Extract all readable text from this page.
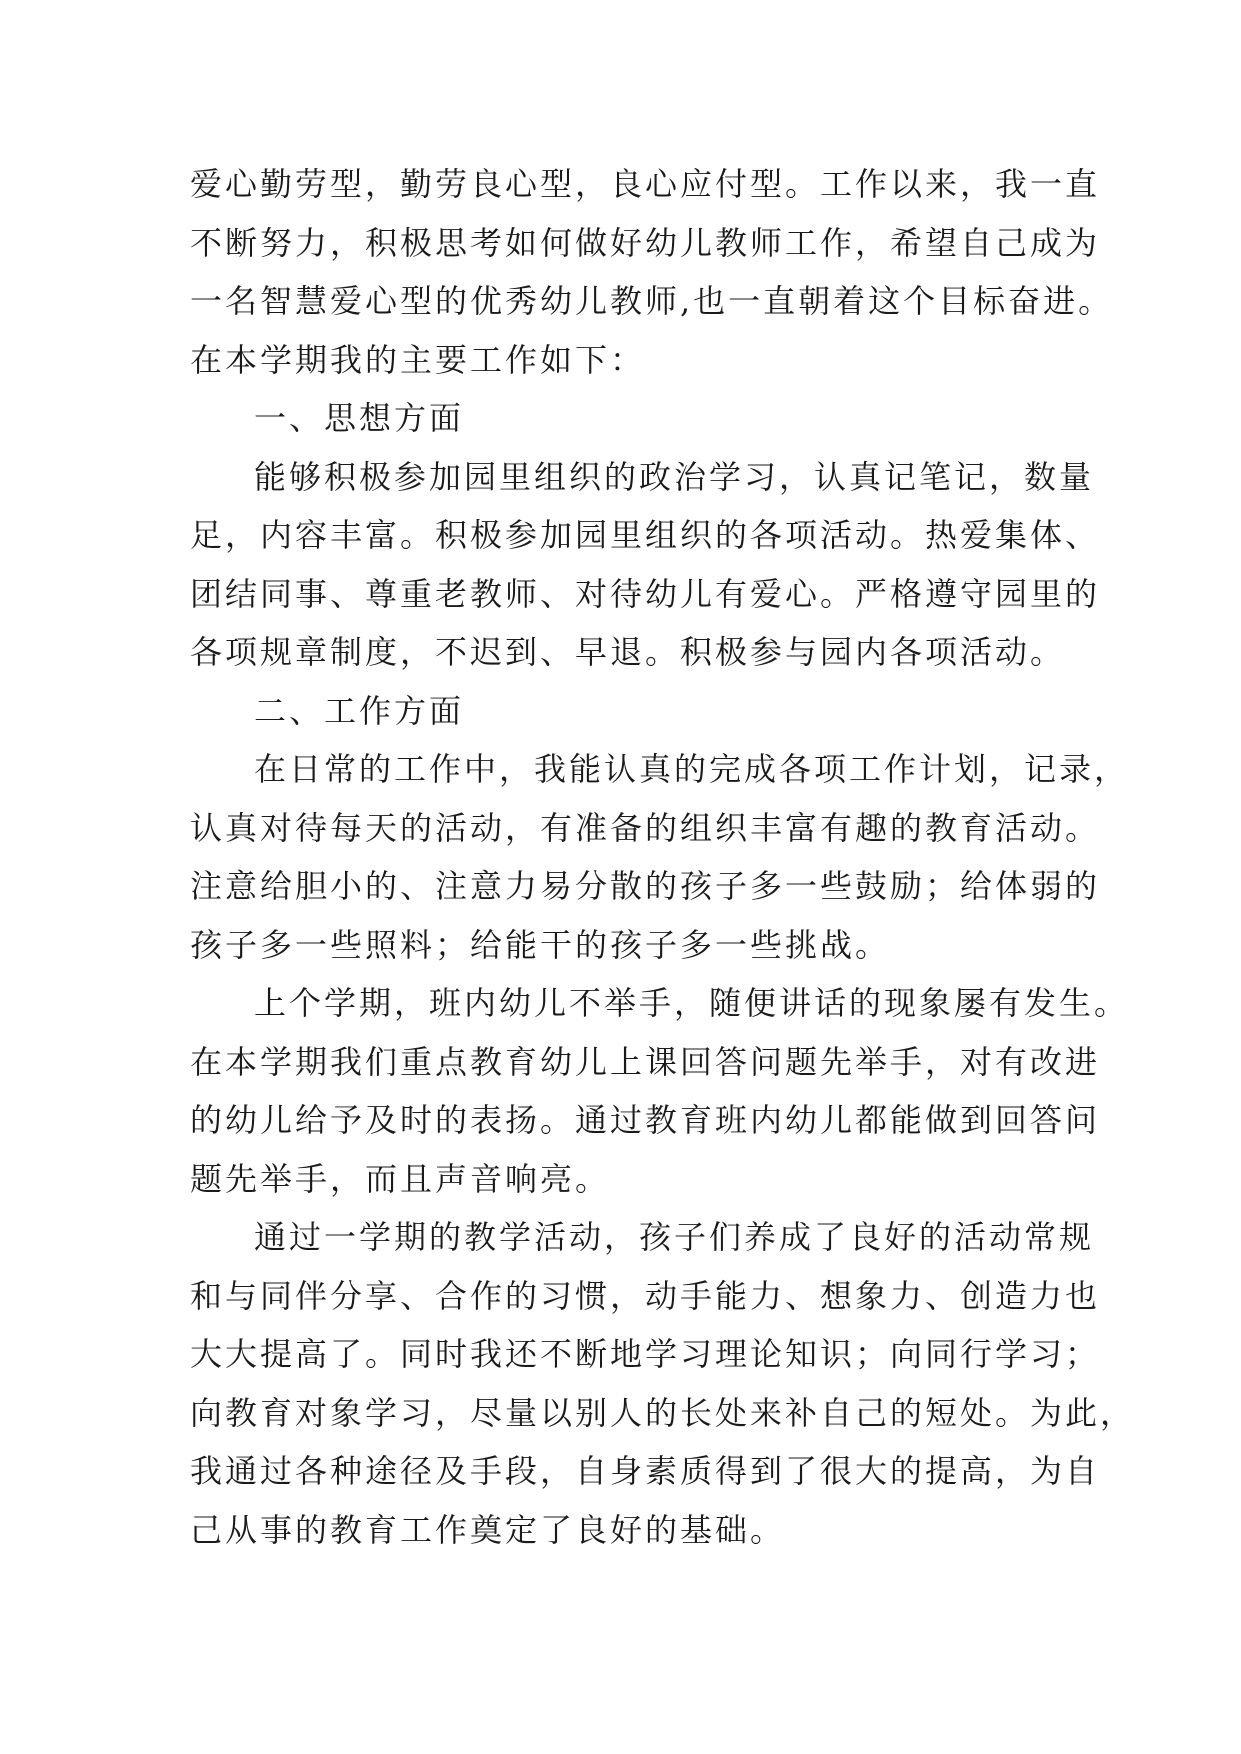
爱心勤劳型，勤劳良心型，良心应付型。工作以来，我一直
不断努力，积极思考如何做好幼儿教师工作，希望自己成为
一名智慧爱心型的优秀幼儿教师,也一直朝着这个目标奋进。
在本学期我的主要工作如下：
一、思想方面
能够积极参加园里组织的政治学习，认真记笔记，数量
足，内容丰富。积极参加园里组织的各项活动。热爱集体、
团结同事、尊重老教师、对待幼儿有爱心。严格遵守园里的
各项规章制度，不迟到、早退。积极参与园内各项活动。
二、工作方面
在日常的工作中，我能认真的完成各项工作计划，记录，
认真对待每天的活动，有准备的组织丰富有趣的教育活动。
注意给胆小的、注意力易分散的孩子多一些鼓励；给体弱的
孩子多一些照料；给能干的孩子多一些挑战。
上个学期，班内幼儿不举手，随便讲话的现象屡有发生。
在本学期我们重点教育幼儿上课回答问题先举手，对有改进
的幼儿给予及时的表扬。通过教育班内幼儿都能做到回答问
题先举手，而且声音响亮。
通过一学期的教学活动，孩子们养成了良好的活动常规
和与同伴分享、合作的习惯，动手能力、想象力、创造力也
大大提高了。同时我还不断地学习理论知识；向同行学习；
向教育对象学习，尽量以别人的长处来补自己的短处。为此，
我通过各种途径及手段，自身素质得到了很大的提高，为自
己从事的教育工作奠定了良好的基础。
